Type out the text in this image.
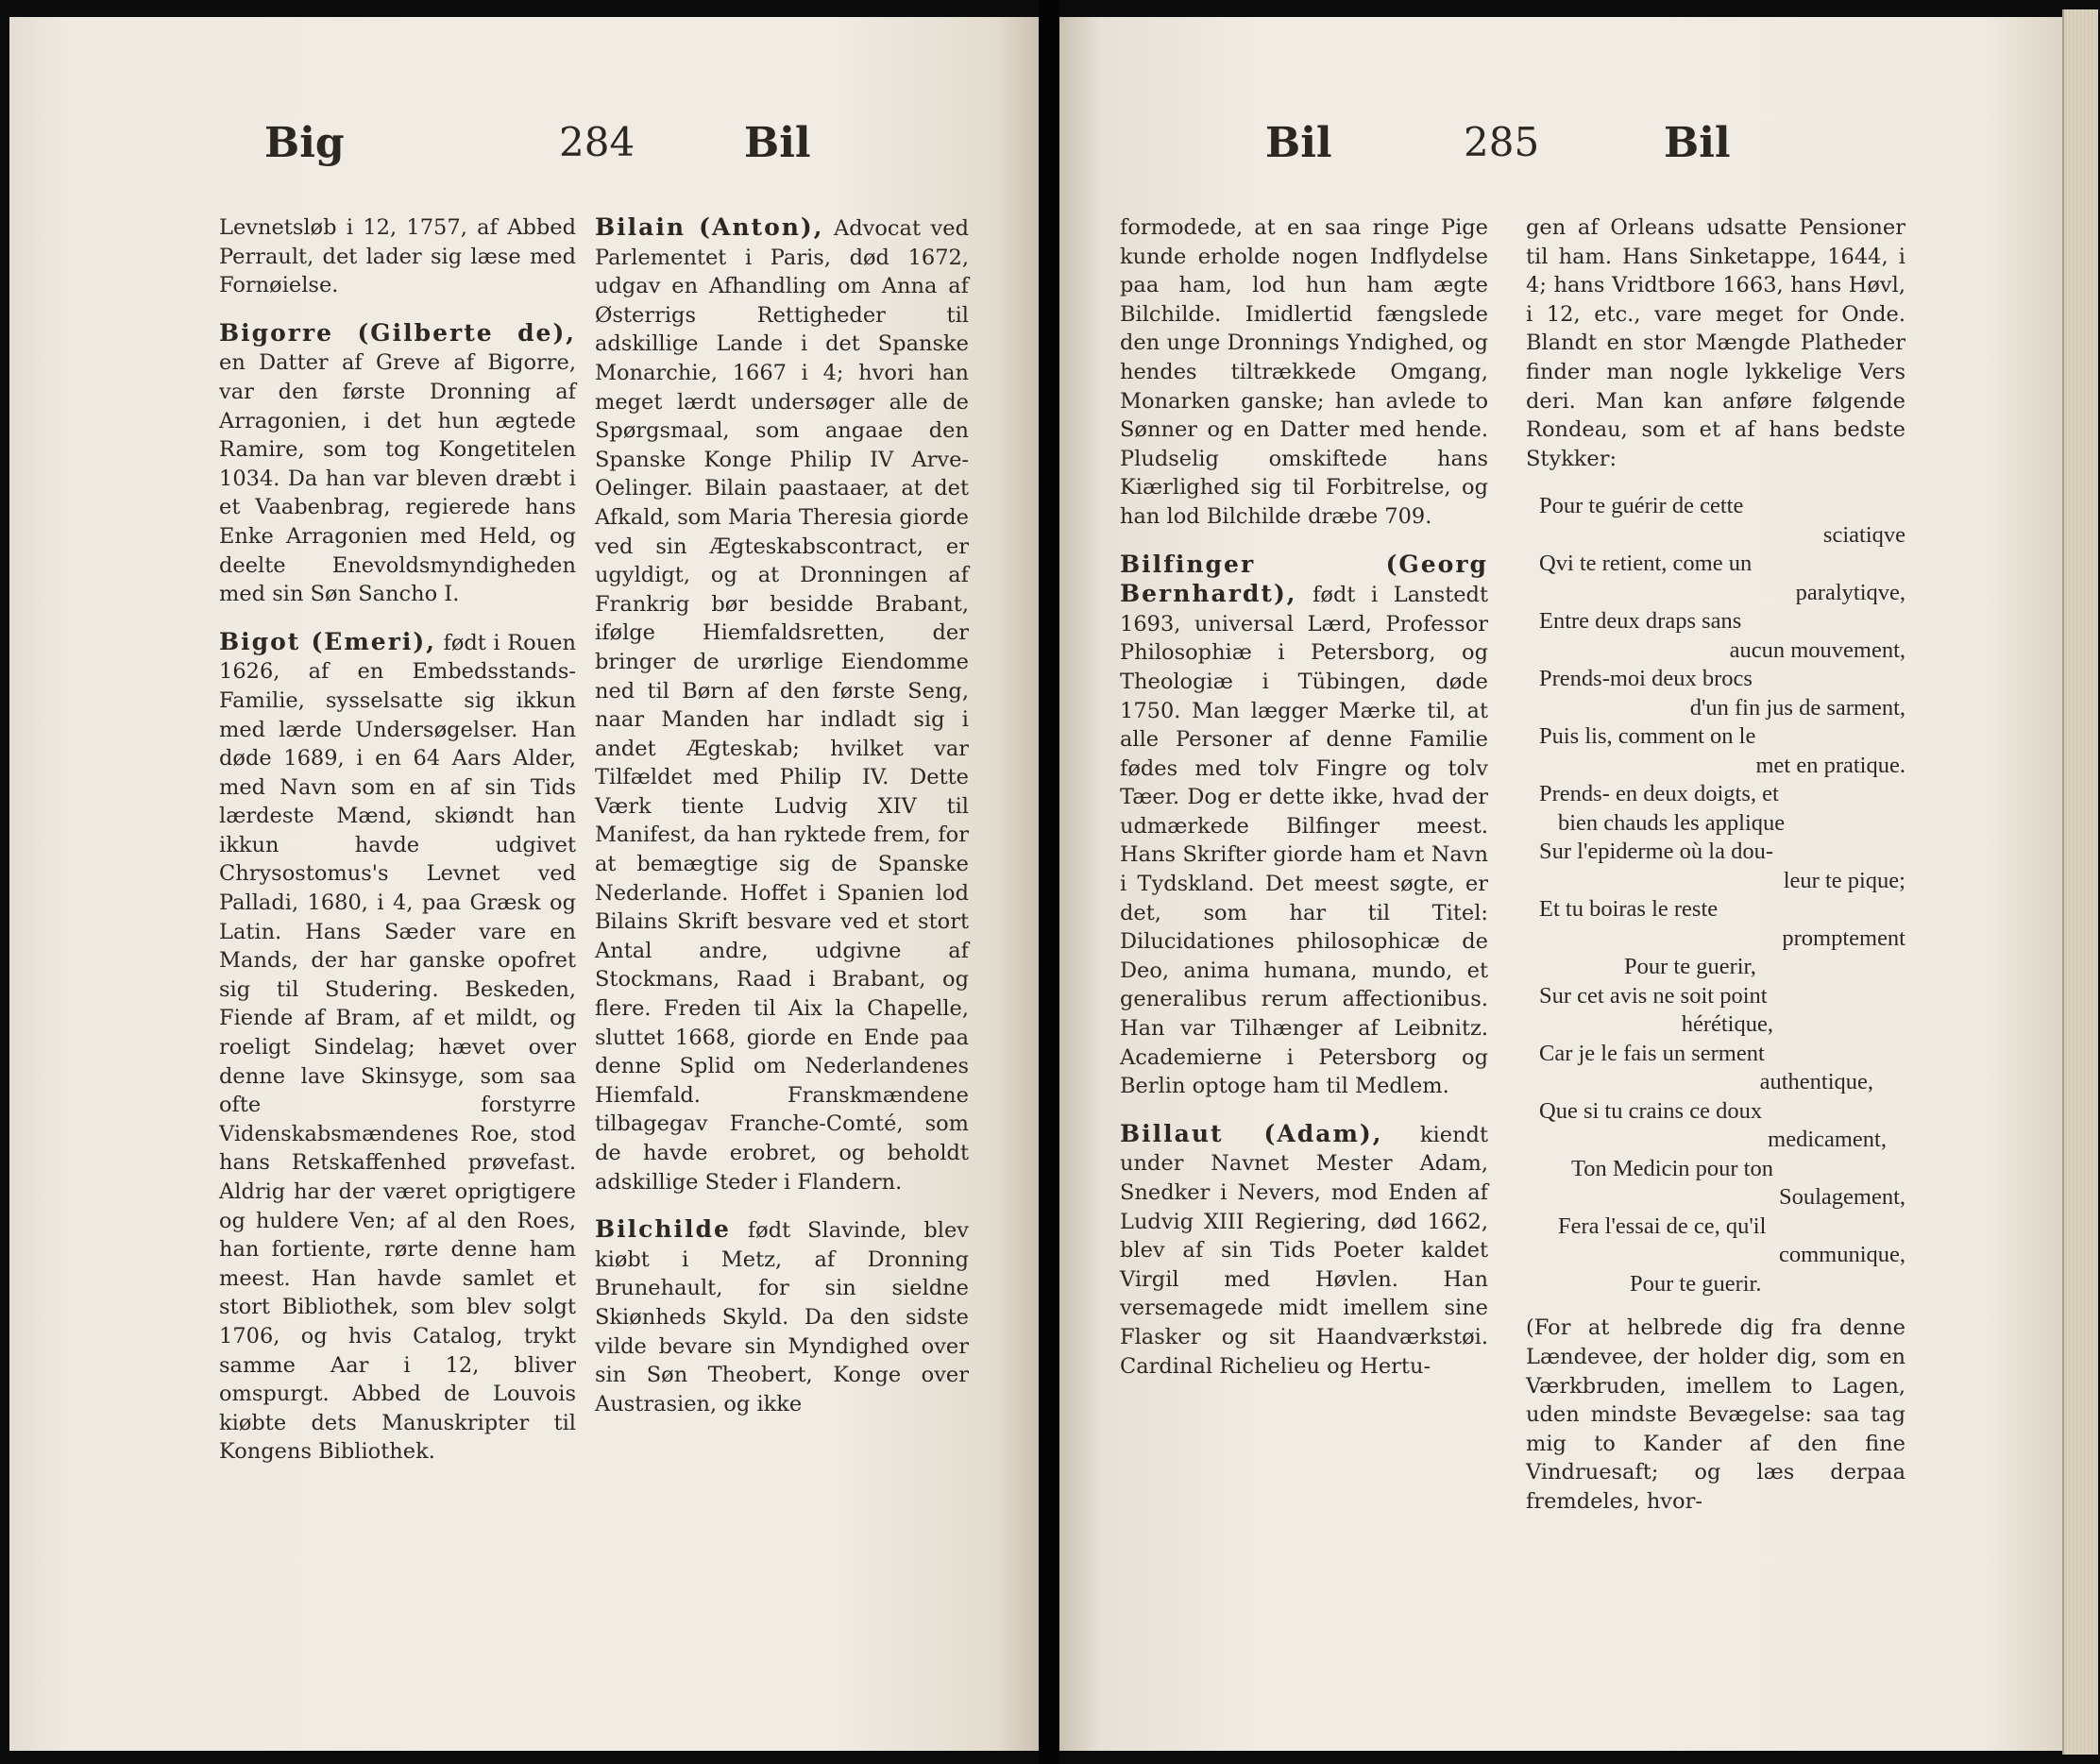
Big	284	Bil

Levnetsløb i 12, 1757, af Abbed Perrault, det lader sig læse med Fornøielse.

Bigorre (Gilberte de), en Datter af Greve af Bigorre, var den første Dronning af Arragonien, i det hun ægtede Ramire, som tog Kongetitelen 1034. Da han var bleven dræbt i et Vaabenbrag, regierede hans Enke Arragonien med Held, og deelte Enevoldsmyndigheden med sin Søn Sancho I.

Bigot (Emeri), født i Rouen 1626, af en Embedsstands-Familie, sysselsatte sig ikkun med lærde Undersøgelser. Han døde 1689, i en 64 Aars Alder, med Navn som en af sin Tids lærdeste Mænd, skiøndt han ikkun havde udgivet Chrysostomus's Levnet ved Palladi, 1680, i 4, paa Græsk og Latin. Hans Sæder vare en Mands, der har ganske opofret sig til Studering. Beskeden, Fiende af Bram, af et mildt, og roeligt Sindelag; hævet over denne lave Skinsyge, som saa ofte forstyrre Videnskabsmændenes Roe, stod hans Retskaffenhed prøvefast. Aldrig har der været oprigtigere og huldere Ven; af al den Roes, han fortiente, rørte denne ham meest. Han havde samlet et stort Bibliothek, som blev solgt 1706, og hvis Catalog, trykt samme Aar i 12, bliver omspurgt. Abbed de Louvois kiøbte dets Manuskripter til Kongens Bibliothek.

Bilain (Anton), Advocat ved Parlementet i Paris, død 1672, udgav en Afhandling om Anna af Østerrigs Rettigheder til adskillige Lande i det Spanske Monarchie, 1667 i 4; hvori han meget lærdt undersøger alle de Spørgsmaal, som angaae den Spanske Konge Philip IV Arve-Oelinger. Bilain paastaaer, at det Afkald, som Maria Theresia giorde ved sin Ægteskabscontract, er ugyldigt, og at Dronningen af Frankrig bør besidde Brabant, ifølge Hiemfaldsretten, der bringer de urørlige Eiendomme ned til Børn af den første Seng, naar Manden har indladt sig i andet Ægteskab; hvilket var Tilfældet med Philip IV. Dette Værk tiente Ludvig XIV til Manifest, da han ryktede frem, for at bemægtige sig de Spanske Nederlande. Hoffet i Spanien lod Bilains Skrift besvare ved et stort Antal andre, udgivne af Stockmans, Raad i Brabant, og flere. Freden til Aix la Chapelle, sluttet 1668, giorde en Ende paa denne Splid om Nederlandenes Hiemfald. Franskmændene tilbagegav Franche-Comté, som de havde erobret, og beholdt adskillige Steder i Flandern.

Bilchilde født Slavinde, blev kiøbt i Metz, af Dronning Brunehault, for sin sieldne Skiønheds Skyld. Da den sidste vilde bevare sin Myndighed over sin Søn Theobert, Konge over Austrasien, og ikke

Bil	285	Bil

formodede, at en saa ringe Pige kunde erholde nogen Indflydelse paa ham, lod hun ham ægte Bilchilde. Imidlertid fængslede den unge Dronnings Yndighed, og hendes tiltrækkede Omgang, Monarken ganske; han avlede to Sønner og en Datter med hende. Pludselig omskiftede hans Kiærlighed sig til Forbitrelse, og han lod Bilchilde dræbe 709.

Bilfinger (Georg Bernhardt), født i Lanstedt 1693, universal Lærd, Professor Philosophiæ i Petersborg, og Theologiæ i Tübingen, døde 1750. Man lægger Mærke til, at alle Personer af denne Familie fødes med tolv Fingre og tolv Tæer. Dog er dette ikke, hvad der udmærkede Bilfinger meest. Hans Skrifter giorde ham et Navn i Tydskland. Det meest søgte, er det, som har til Titel: Dilucidationes philosophicæ de Deo, anima humana, mundo, et generalibus rerum affectionibus. Han var Tilhænger af Leibnitz. Academierne i Petersborg og Berlin optoge ham til Medlem.

Billaut (Adam), kiendt under Navnet Mester Adam, Snedker i Nevers, mod Enden af Ludvig XIII Regiering, død 1662, blev af sin Tids Poeter kaldet Virgil med Høvlen. Han versemagede midt imellem sine Flasker og sit Haandværkstøi. Cardinal Richelieu og Hertu-

gen af Orleans udsatte Pensioner til ham. Hans Sinketappe, 1644, i 4; hans Vridtbore 1663, hans Høvl, i 12, etc., vare meget for Onde. Blandt en stor Mængde Platheder finder man nogle lykkelige Vers deri. Man kan anføre følgende Rondeau, som et af hans bedste Stykker:

Pour te guérir de cette
sciatiqve
Qvi te retient, come un
paralytiqve,
Entre deux draps sans
aucun mouvement,
Prends-moi deux brocs
d'un fin jus de sarment,
Puis lis, comment on le
met en pratique.
Prends- en deux doigts, et
bien chauds les applique
Sur l'epiderme où la dou-
leur te pique;
Et tu boiras le reste
promptement
Pour te guerir,
Sur cet avis ne soit point
hérétique,
Car je le fais un serment
authentique,
Que si tu crains ce doux
medicament,
Ton Medicin pour ton
Soulagement,
Fera l'essai de ce, qu'il
communique,
Pour te guerir.

(For at helbrede dig fra denne Lændevee, der holder dig, som en Værkbruden, imellem to Lagen, uden mindste Bevægelse: saa tag mig to Kander af den fine Vindruesaft; og læs derpaa fremdeles, hvor-
